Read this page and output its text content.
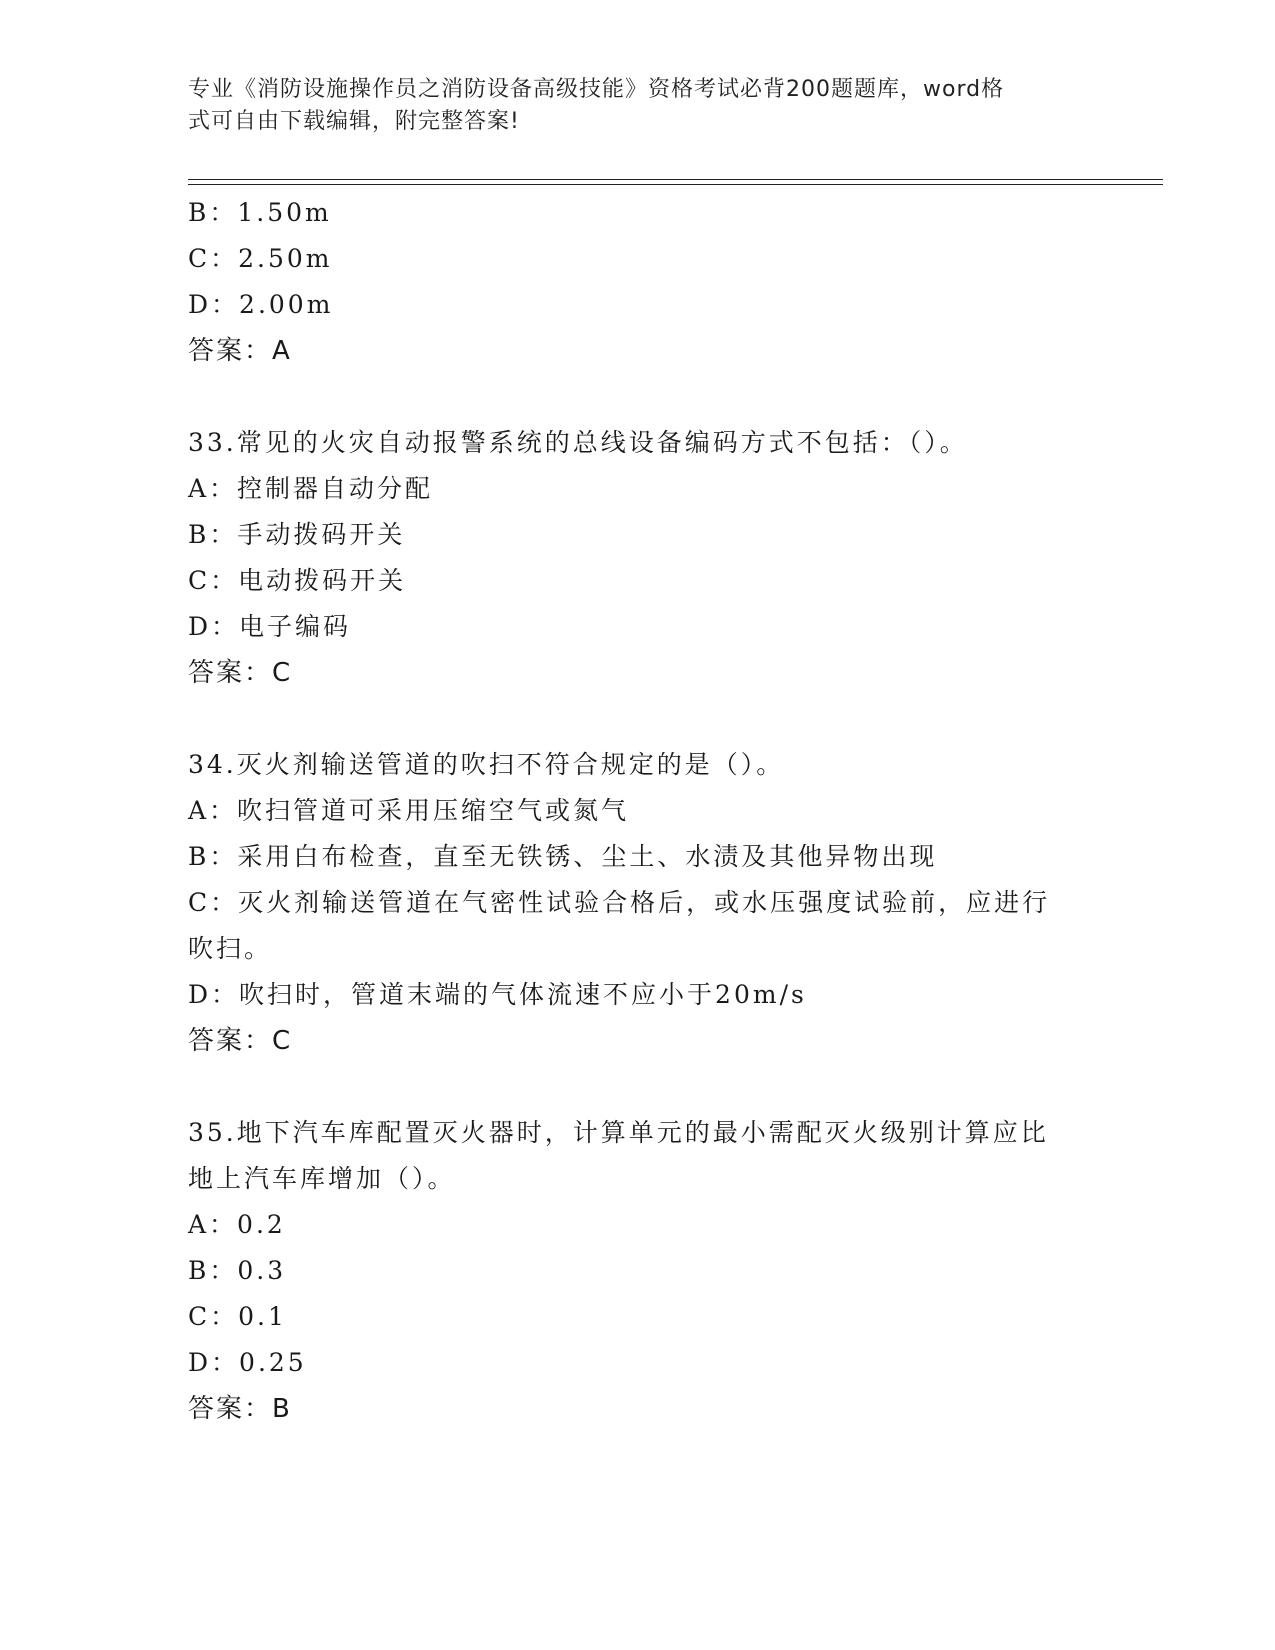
专业《消防设施操作员之消防设备高级技能》资格考试必背200题题库，word格
式可自由下载编辑，附完整答案!
B：1.50m
C：2.50m
D：2.00m
答案：A
33.常见的火灾自动报警系统的总线设备编码方式不包括：（）。
A：控制器自动分配
B：手动拨码开关
C：电动拨码开关
D：电子编码
答案：C
34.灭火剂输送管道的吹扫不符合规定的是（）。
A：吹扫管道可采用压缩空气或氮气
B：采用白布检查，直至无铁锈、尘土、水渍及其他异物出现
C：灭火剂输送管道在气密性试验合格后，或水压强度试验前，应进行
吹扫。
D：吹扫时，管道末端的气体流速不应小于20m/s
答案：C
35.地下汽车库配置灭火器时，计算单元的最小需配灭火级别计算应比
地上汽车库增加（）。
A：0.2
B：0.3
C：0.1
D：0.25
答案：B
